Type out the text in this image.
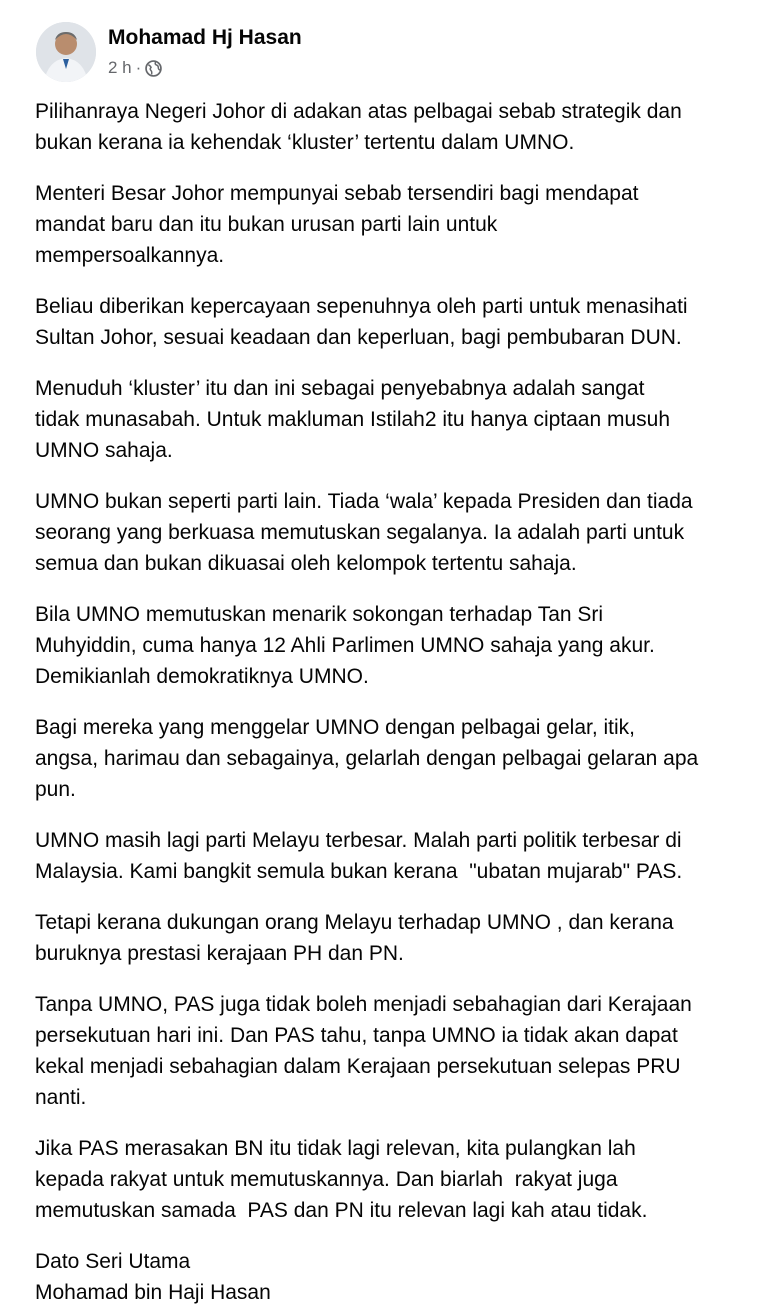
Mohamad Hj Hasan
2 h ·

Pilihanraya Negeri Johor di adakan atas pelbagai sebab strategik dan
bukan kerana ia kehendak ‘kluster’ tertentu dalam UMNO.

Menteri Besar Johor mempunyai sebab tersendiri bagi mendapat
mandat baru dan itu bukan urusan parti lain untuk
mempersoalkannya.

Beliau diberikan kepercayaan sepenuhnya oleh parti untuk menasihati
Sultan Johor, sesuai keadaan dan keperluan, bagi pembubaran DUN.

Menuduh ‘kluster’ itu dan ini sebagai penyebabnya adalah sangat
tidak munasabah. Untuk makluman Istilah2 itu hanya ciptaan musuh
UMNO sahaja.

UMNO bukan seperti parti lain. Tiada ‘wala’ kepada Presiden dan tiada
seorang yang berkuasa memutuskan segalanya. Ia adalah parti untuk
semua dan bukan dikuasai oleh kelompok tertentu sahaja.

Bila UMNO memutuskan menarik sokongan terhadap Tan Sri
Muhyiddin, cuma hanya 12 Ahli Parlimen UMNO sahaja yang akur.
Demikianlah demokratiknya UMNO.

Bagi mereka yang menggelar UMNO dengan pelbagai gelar, itik,
angsa, harimau dan sebagainya, gelarlah dengan pelbagai gelaran apa
pun.

UMNO masih lagi parti Melayu terbesar. Malah parti politik terbesar di
Malaysia. Kami bangkit semula bukan kerana  "ubatan mujarab" PAS.

Tetapi kerana dukungan orang Melayu terhadap UMNO , dan kerana
buruknya prestasi kerajaan PH dan PN.

Tanpa UMNO, PAS juga tidak boleh menjadi sebahagian dari Kerajaan
persekutuan hari ini. Dan PAS tahu, tanpa UMNO ia tidak akan dapat
kekal menjadi sebahagian dalam Kerajaan persekutuan selepas PRU
nanti.

Jika PAS merasakan BN itu tidak lagi relevan, kita pulangkan lah
kepada rakyat untuk memutuskannya. Dan biarlah  rakyat juga
memutuskan samada  PAS dan PN itu relevan lagi kah atau tidak.

Dato Seri Utama
Mohamad bin Haji Hasan
